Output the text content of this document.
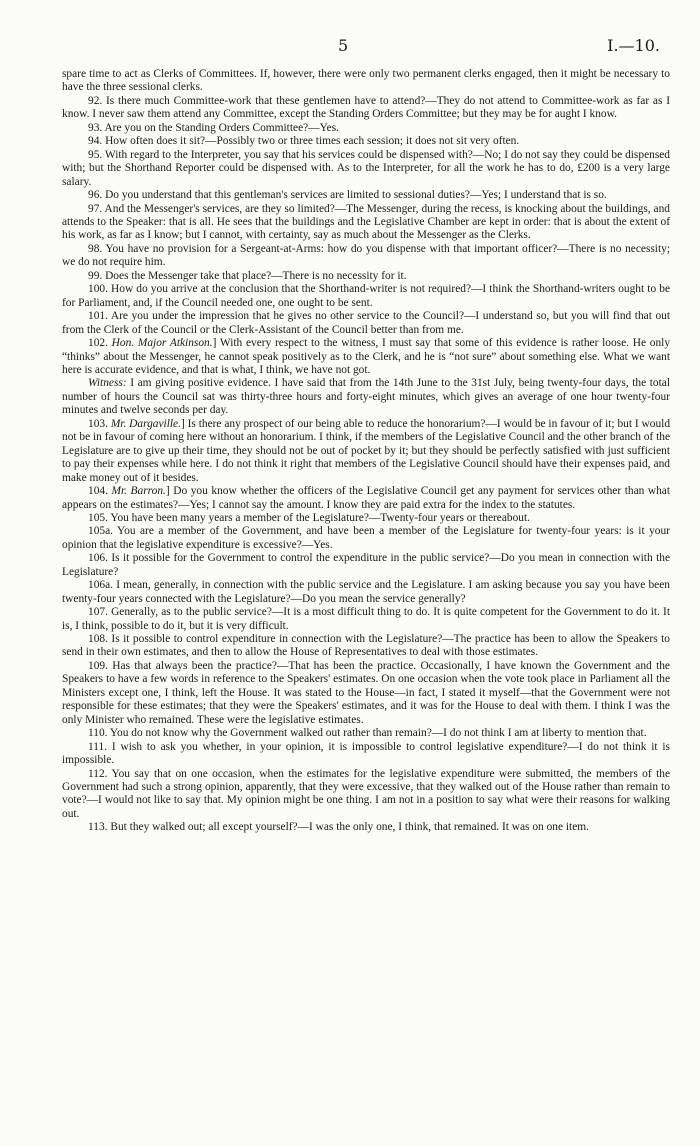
5	I.—10.

spare time to act as Clerks of Committees. If, however, there were only two permanent clerks engaged, then it might be necessary to have the three sessional clerks.

92. Is there much Committee-work that these gentlemen have to attend?—They do not attend to Committee-work as far as I know. I never saw them attend any Committee, except the Standing Orders Committee; but they may be for aught I know.

93. Are you on the Standing Orders Committee?—Yes.

94. How often does it sit?—Possibly two or three times each session; it does not sit very often.

95. With regard to the Interpreter, you say that his services could be dispensed with?—No; I do not say they could be dispensed with; but the Shorthand Reporter could be dispensed with. As to the Interpreter, for all the work he has to do, £200 is a very large salary.

96. Do you understand that this gentleman's services are limited to sessional duties?—Yes; I understand that is so.

97. And the Messenger's services, are they so limited?—The Messenger, during the recess, is knocking about the buildings, and attends to the Speaker: that is all. He sees that the buildings and the Legislative Chamber are kept in order: that is about the extent of his work, as far as I know; but I cannot, with certainty, say as much about the Messenger as the Clerks.

98. You have no provision for a Sergeant-at-Arms: how do you dispense with that important officer?—There is no necessity; we do not require him.

99. Does the Messenger take that place?—There is no necessity for it.

100. How do you arrive at the conclusion that the Shorthand-writer is not required?—I think the Shorthand-writers ought to be for Parliament, and, if the Council needed one, one ought to be sent.

101. Are you under the impression that he gives no other service to the Council?—I understand so, but you will find that out from the Clerk of the Council or the Clerk-Assistant of the Council better than from me.

102. Hon. Major Atkinson.] With every respect to the witness, I must say that some of this evidence is rather loose. He only “thinks” about the Messenger, he cannot speak positively as to the Clerk, and he is “not sure” about something else. What we want here is accurate evidence, and that is what, I think, we have not got.

Witness: I am giving positive evidence. I have said that from the 14th June to the 31st July, being twenty-four days, the total number of hours the Council sat was thirty-three hours and forty-eight minutes, which gives an average of one hour twenty-four minutes and twelve seconds per day.

103. Mr. Dargaville.] Is there any prospect of our being able to reduce the honorarium?—I would be in favour of it; but I would not be in favour of coming here without an honorarium. I think, if the members of the Legislative Council and the other branch of the Legislature are to give up their time, they should not be out of pocket by it; but they should be perfectly satisfied with just sufficient to pay their expenses while here. I do not think it right that members of the Legislative Council should have their expenses paid, and make money out of it besides.

104. Mr. Barron.] Do you know whether the officers of the Legislative Council get any payment for services other than what appears on the estimates?—Yes; I cannot say the amount. I know they are paid extra for the index to the statutes.

105. You have been many years a member of the Legislature?—Twenty-four years or thereabout.

105a. You are a member of the Government, and have been a member of the Legislature for twenty-four years: is it your opinion that the legislative expenditure is excessive?—Yes.

106. Is it possible for the Government to control the expenditure in the public service?—Do you mean in connection with the Legislature?

106a. I mean, generally, in connection with the public service and the Legislature. I am asking because you say you have been twenty-four years connected with the Legislature?—Do you mean the service generally?

107. Generally, as to the public service?—It is a most difficult thing to do. It is quite competent for the Government to do it. It is, I think, possible to do it, but it is very difficult.

108. Is it possible to control expenditure in connection with the Legislature?—The practice has been to allow the Speakers to send in their own estimates, and then to allow the House of Representatives to deal with those estimates.

109. Has that always been the practice?—That has been the practice. Occasionally, I have known the Government and the Speakers to have a few words in reference to the Speakers' estimates. On one occasion when the vote took place in Parliament all the Ministers except one, I think, left the House. It was stated to the House—in fact, I stated it myself—that the Government were not responsible for these estimates; that they were the Speakers' estimates, and it was for the House to deal with them. I think I was the only Minister who remained. These were the legislative estimates.

110. You do not know why the Government walked out rather than remain?—I do not think I am at liberty to mention that.

111. I wish to ask you whether, in your opinion, it is impossible to control legislative expenditure?—I do not think it is impossible.

112. You say that on one occasion, when the estimates for the legislative expenditure were submitted, the members of the Government had such a strong opinion, apparently, that they were excessive, that they walked out of the House rather than remain to vote?—I would not like to say that. My opinion might be one thing. I am not in a position to say what were their reasons for walking out.

113. But they walked out; all except yourself?—I was the only one, I think, that remained. It was on one item.
